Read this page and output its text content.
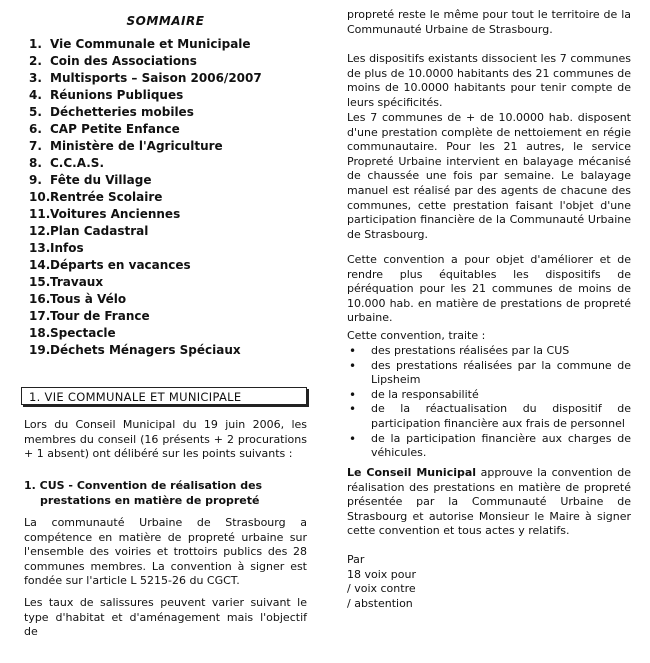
SOMMAIRE
1. Vie Communale et Municipale
2. Coin des Associations
3. Multisports – Saison 2006/2007
4. Réunions Publiques
5. Déchetteries mobiles
6. CAP Petite Enfance
7. Ministère de l'Agriculture
8. C.C.A.S.
9. Fête du Village
10.Rentrée Scolaire
11.Voitures Anciennes
12.Plan Cadastral
13.Infos
14.Départs en vacances
15.Travaux
16.Tous à Vélo
17.Tour de France
18.Spectacle
19.Déchets Ménagers Spéciaux
1. VIE COMMUNALE ET MUNICIPALE

Lors du Conseil Municipal du 19 juin 2006, les membres du conseil (16 présents + 2 procurations + 1 absent) ont délibéré sur les points suivants :

1. CUS - Convention de réalisation des
prestations en matière de propreté

La communauté Urbaine de Strasbourg a compétence en matière de propreté urbaine sur l'ensemble des voiries et trottoirs publics des 28 communes membres. La convention à signer est fondée sur l'article L 5215-26 du CGCT.

Les taux de salissures peuvent varier suivant le type d'habitat et d'aménagement mais l'objectif de

propreté reste le même pour tout le territoire de la Communauté Urbaine de Strasbourg.

Les dispositifs existants dissocient les 7 communes de plus de 10.0000 habitants des 21 communes de moins de 10.0000 habitants pour tenir compte de leurs spécificités.

Les 7 communes de + de 10.0000 hab. disposent d'une prestation complète de nettoiement en régie communautaire. Pour les 21 autres, le service Propreté Urbaine intervient en balayage mécanisé de chaussée une fois par semaine. Le balayage manuel est réalisé par des agents de chacune des communes, cette prestation faisant l'objet d'une participation financière de la Communauté Urbaine de Strasbourg.

Cette convention a pour objet d'améliorer et de rendre plus équitables les dispositifs de péréquation pour les 21 communes de moins de 10.000 hab. en matière de prestations de propreté urbaine.

Cette convention, traite :
• des prestations réalisées par la CUS
• des prestations réalisées par la commune de Lipsheim
• de la responsabilité
• de la réactualisation du dispositif de participation financière aux frais de personnel
• de la participation financière aux charges de véhicules.

Le Conseil Municipal approuve la convention de réalisation des prestations en matière de propreté présentée par la Communauté Urbaine de Strasbourg et autorise Monsieur le Maire à signer cette convention et tous actes y relatifs.

Par
18 voix pour
/ voix contre
/ abstention
